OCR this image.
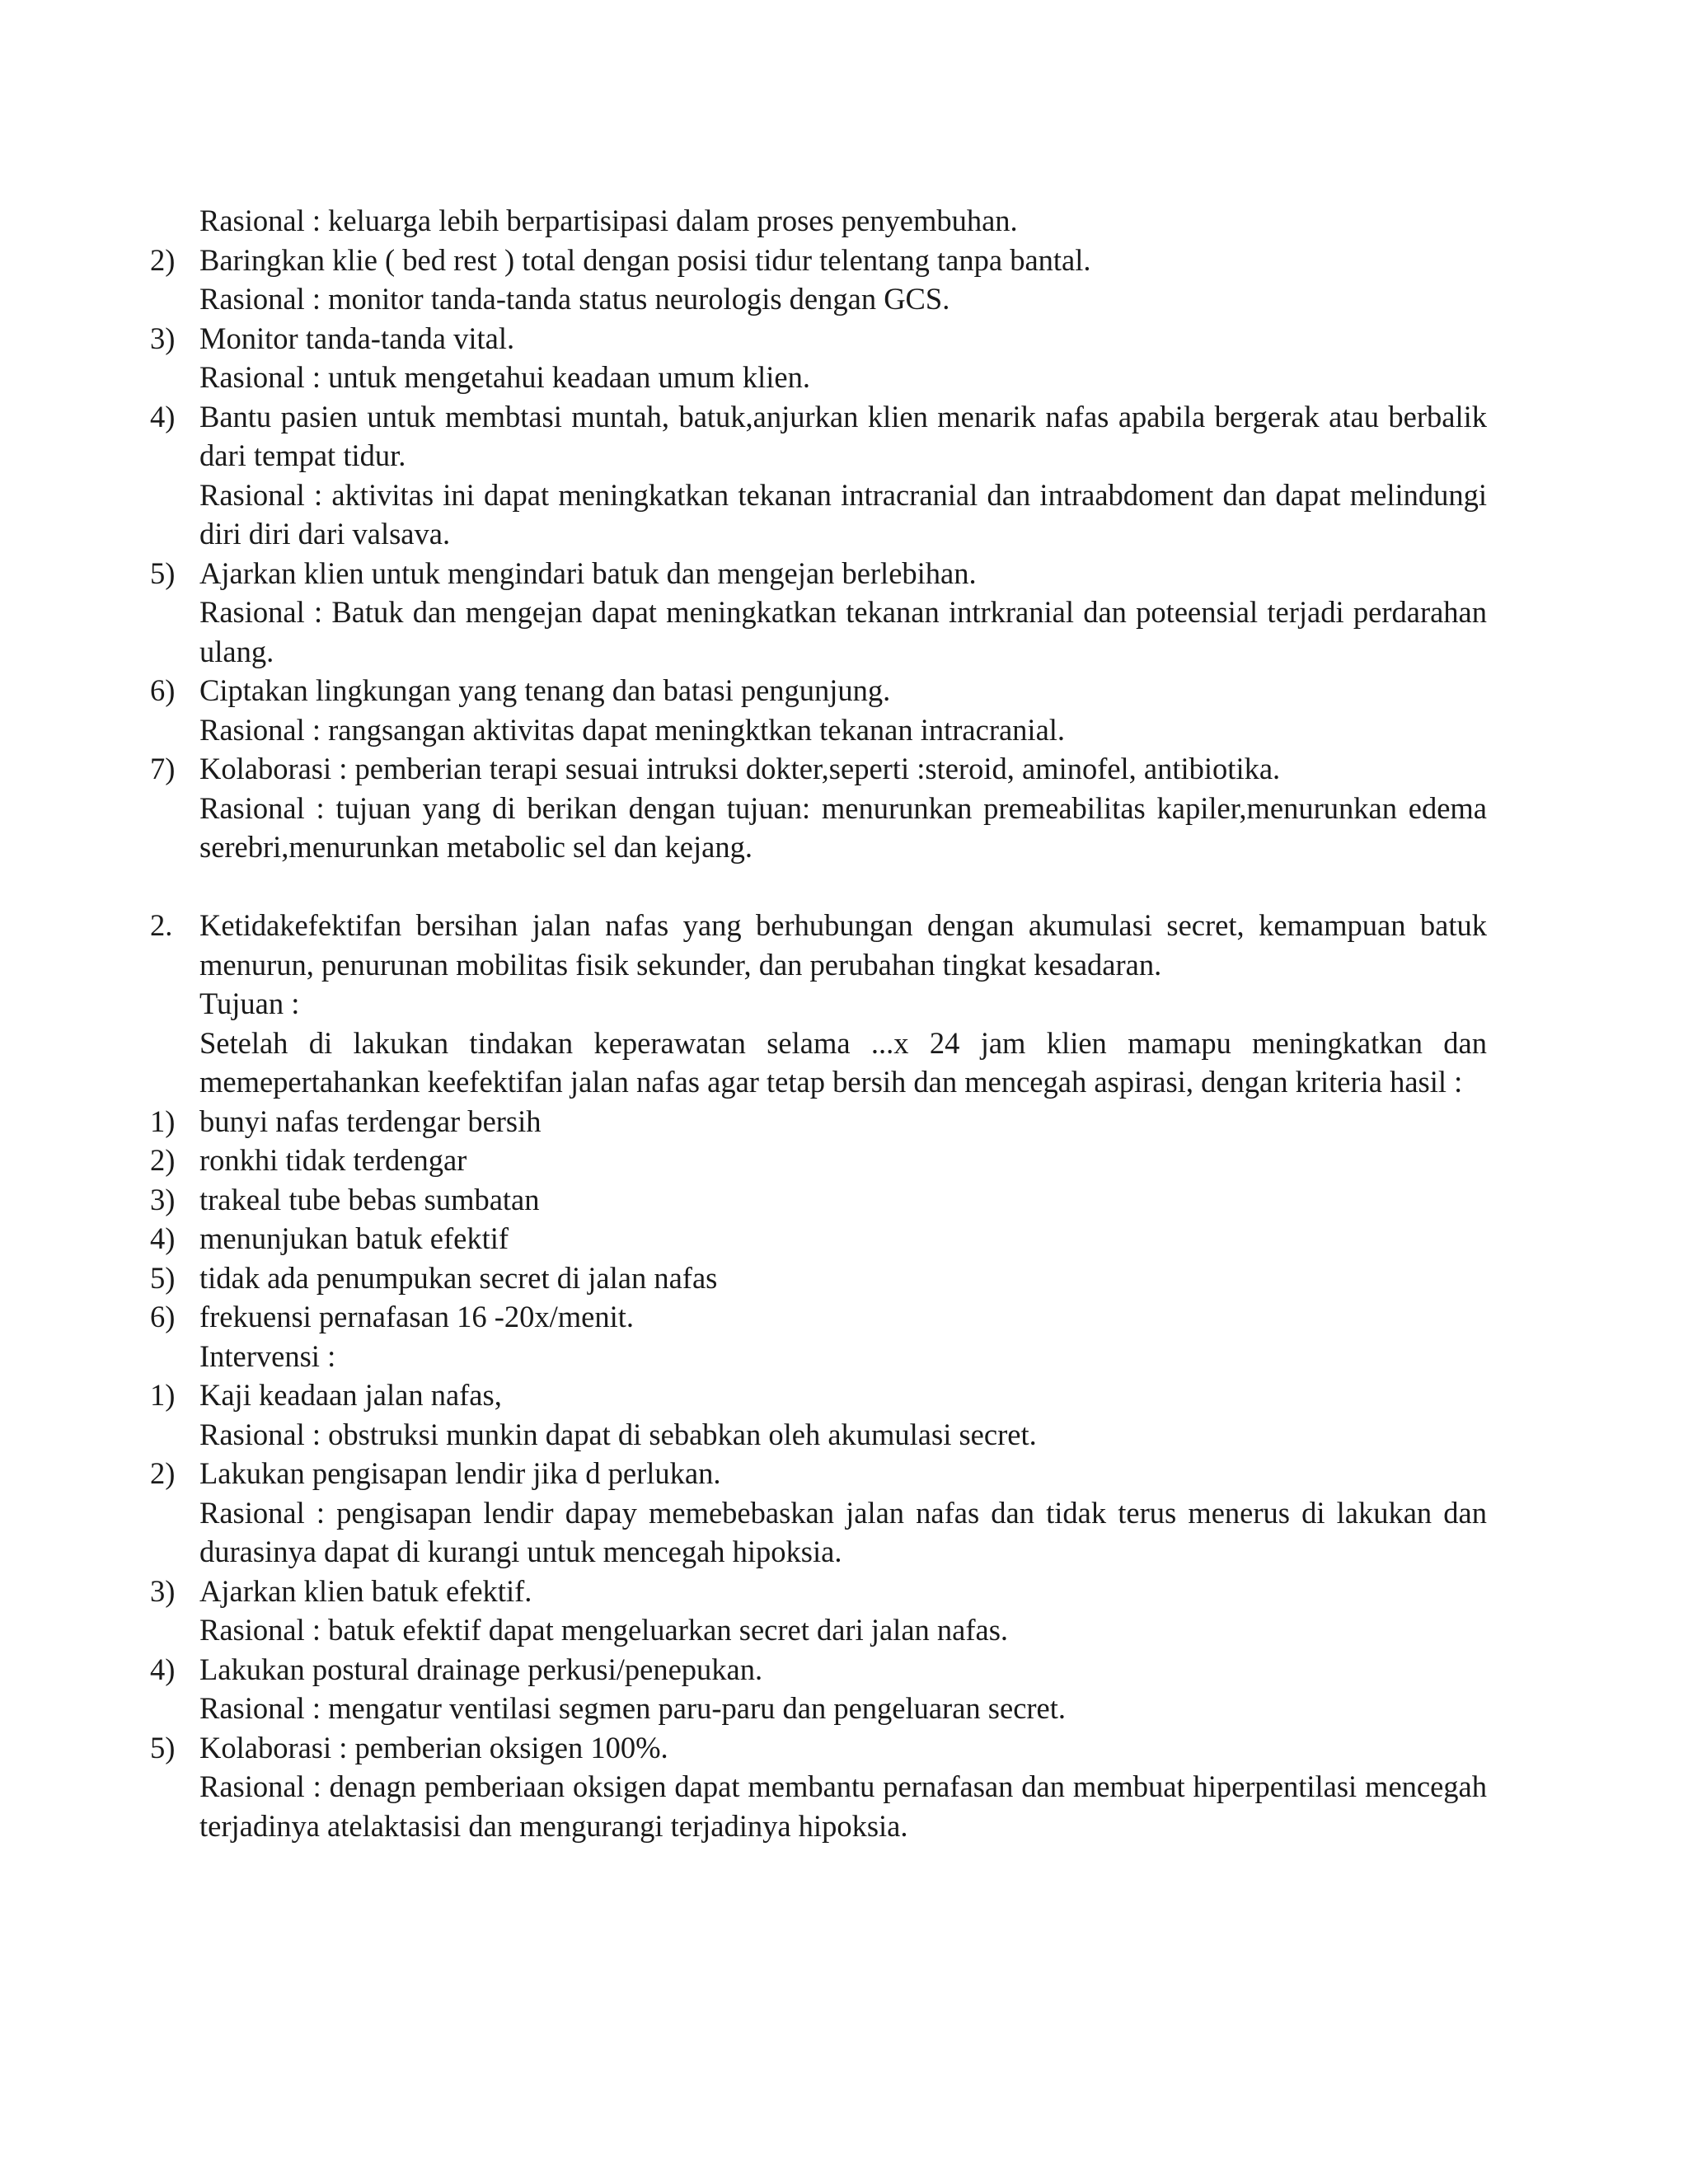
Rasional : keluarga lebih berpartisipasi dalam proses penyembuhan.
2) Baringkan klie ( bed rest ) total dengan posisi tidur telentang tanpa bantal.
Rasional : monitor tanda-tanda status neurologis dengan GCS.
3) Monitor tanda-tanda vital.
Rasional : untuk mengetahui keadaan umum klien.
4) Bantu pasien untuk membtasi muntah, batuk,anjurkan klien menarik nafas apabila bergerak atau berbalik dari tempat tidur.
Rasional : aktivitas ini dapat meningkatkan tekanan intracranial dan intraabdoment dan dapat melindungi diri diri dari valsava.
5) Ajarkan klien untuk mengindari batuk dan mengejan berlebihan.
Rasional : Batuk dan mengejan dapat meningkatkan tekanan intrkranial dan poteensial terjadi perdarahan ulang.
6) Ciptakan lingkungan yang tenang dan batasi pengunjung.
Rasional : rangsangan aktivitas dapat meningktkan tekanan intracranial.
7) Kolaborasi : pemberian terapi sesuai intruksi dokter,seperti :steroid, aminofel, antibiotika.
Rasional : tujuan yang di berikan dengan tujuan: menurunkan premeabilitas kapiler,menurunkan edema serebri,menurunkan metabolic sel dan kejang.
2. Ketidakefektifan bersihan jalan nafas yang berhubungan dengan akumulasi secret, kemampuan batuk menurun, penurunan mobilitas fisik sekunder, dan perubahan tingkat kesadaran.
Tujuan :
Setelah di lakukan tindakan keperawatan selama ...x 24 jam klien mamapu meningkatkan dan memepertahankan keefektifan jalan nafas agar tetap bersih dan mencegah aspirasi, dengan kriteria hasil :
1) bunyi nafas terdengar bersih
2) ronkhi tidak terdengar
3) trakeal tube bebas sumbatan
4) menunjukan batuk efektif
5) tidak ada penumpukan secret di jalan nafas
6) frekuensi pernafasan 16 -20x/menit.
Intervensi :
1) Kaji keadaan jalan nafas,
Rasional : obstruksi munkin dapat di sebabkan oleh akumulasi secret.
2) Lakukan pengisapan lendir jika d perlukan.
Rasional : pengisapan lendir dapay memebebaskan jalan nafas dan tidak terus menerus di lakukan dan durasinya dapat di kurangi untuk mencegah hipoksia.
3) Ajarkan klien batuk efektif.
Rasional : batuk efektif dapat mengeluarkan secret dari jalan nafas.
4) Lakukan postural drainage perkusi/penepukan.
Rasional : mengatur ventilasi segmen paru-paru dan pengeluaran secret.
5) Kolaborasi : pemberian oksigen 100%.
Rasional : denagn pemberiaan oksigen dapat membantu pernafasan dan membuat hiperpentilasi mencegah terjadinya atelaktasisi dan mengurangi terjadinya hipoksia.
